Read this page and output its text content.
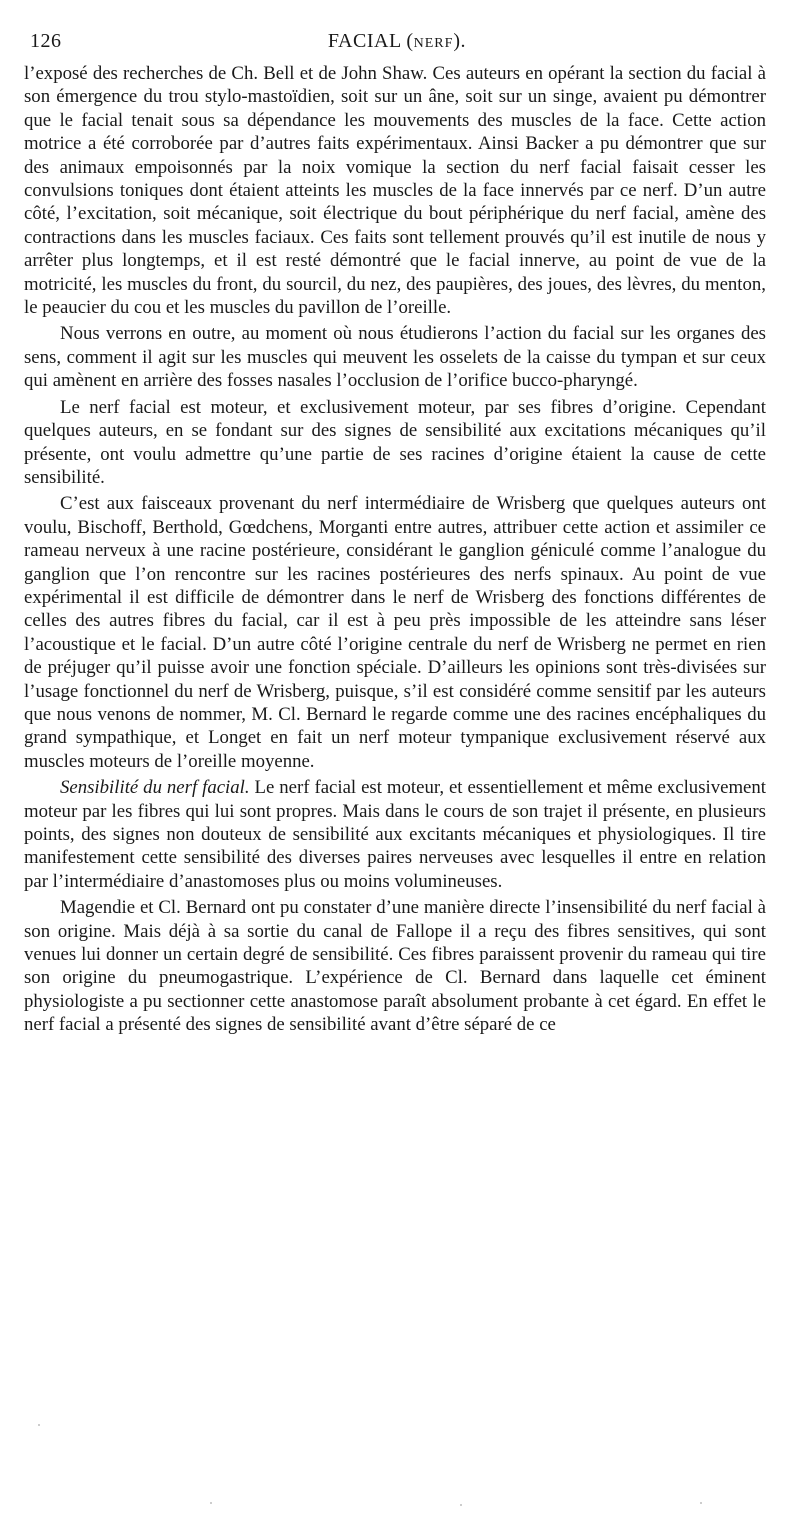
126	FACIAL (NERF).

l’exposé des recherches de Ch. Bell et de John Shaw. Ces auteurs en opérant la section du facial à son émergence du trou stylo-mastoïdien, soit sur un âne, soit sur un singe, avaient pu démontrer que le facial tenait sous sa dépendance les mouvements des muscles de la face. Cette action motrice a été corroborée par d’autres faits expérimentaux. Ainsi Backer a pu démontrer que sur des animaux empoisonnés par la noix vomique la section du nerf facial faisait cesser les convulsions toniques dont étaient atteints les muscles de la face innervés par ce nerf. D’un autre côté, l’excitation, soit mécanique, soit électrique du bout périphérique du nerf facial, amène des contractions dans les muscles faciaux. Ces faits sont tellement prouvés qu’il est inutile de nous y arrêter plus longtemps, et il est resté démontré que le facial innerve, au point de vue de la motricité, les muscles du front, du sourcil, du nez, des paupières, des joues, des lèvres, du menton, le peaucier du cou et les muscles du pavillon de l’oreille.

Nous verrons en outre, au moment où nous étudierons l’action du facial sur les organes des sens, comment il agit sur les muscles qui meuvent les osselets de la caisse du tympan et sur ceux qui amènent en arrière des fosses nasales l’occlusion de l’orifice bucco-pharyngé.

Le nerf facial est moteur, et exclusivement moteur, par ses fibres d’origine. Cependant quelques auteurs, en se fondant sur des signes de sensibilité aux excitations mécaniques qu’il présente, ont voulu admettre qu’une partie de ses racines d’origine étaient la cause de cette sensibilité.

C’est aux faisceaux provenant du nerf intermédiaire de Wrisberg que quelques auteurs ont voulu, Bischoff, Berthold, Gœdchens, Morganti entre autres, attribuer cette action et assimiler ce rameau nerveux à une racine postérieure, considérant le ganglion géniculé comme l’analogue du ganglion que l’on rencontre sur les racines postérieures des nerfs spinaux. Au point de vue expérimental il est difficile de démontrer dans le nerf de Wrisberg des fonctions différentes de celles des autres fibres du facial, car il est à peu près impossible de les atteindre sans léser l’acoustique et le facial. D’un autre côté l’origine centrale du nerf de Wrisberg ne permet en rien de préjuger qu’il puisse avoir une fonction spéciale. D’ailleurs les opinions sont très-divisées sur l’usage fonctionnel du nerf de Wrisberg, puisque, s’il est considéré comme sensitif par les auteurs que nous venons de nommer, M. Cl. Bernard le regarde comme une des racines encéphaliques du grand sympathique, et Longet en fait un nerf moteur tympanique exclusivement réservé aux muscles moteurs de l’oreille moyenne.

Sensibilité du nerf facial. Le nerf facial est moteur, et essentiellement et même exclusivement moteur par les fibres qui lui sont propres. Mais dans le cours de son trajet il présente, en plusieurs points, des signes non douteux de sensibilité aux excitants mécaniques et physiologiques. Il tire manifestement cette sensibilité des diverses paires nerveuses avec lesquelles il entre en relation par l’intermédiaire d’anastomoses plus ou moins volumineuses.

Magendie et Cl. Bernard ont pu constater d’une manière directe l’insensibilité du nerf facial à son origine. Mais déjà à sa sortie du canal de Fallope il a reçu des fibres sensitives, qui sont venues lui donner un certain degré de sensibilité. Ces fibres paraissent provenir du rameau qui tire son origine du pneumogastrique. L’expérience de Cl. Bernard dans laquelle cet éminent physiologiste a pu sectionner cette anastomose paraît absolument probante à cet égard. En effet le nerf facial a présenté des signes de sensibilité avant d’être séparé de ce
